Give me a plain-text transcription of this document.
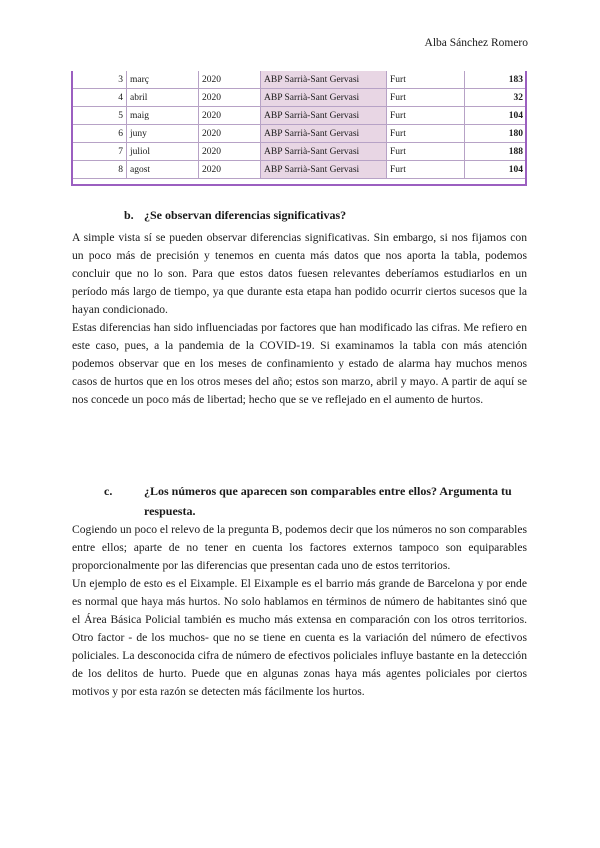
Alba Sánchez Romero
3	març	2020	ABP Sarrià-Sant Gervasi	Furt	183
4	abril	2020	ABP Sarrià-Sant Gervasi	Furt	32
5	maig	2020	ABP Sarrià-Sant Gervasi	Furt	104
6	juny	2020	ABP Sarrià-Sant Gervasi	Furt	180
7	juliol	2020	ABP Sarrià-Sant Gervasi	Furt	188
8	agost	2020	ABP Sarrià-Sant Gervasi	Furt	104
b. ¿Se observan diferencias significativas?

A simple vista sí se pueden observar diferencias significativas. Sin embargo, si nos fijamos con un poco más de precisión y tenemos en cuenta más datos que nos aporta la tabla, podemos concluir que no lo son. Para que estos datos fuesen relevantes deberíamos estudiarlos en un período más largo de tiempo, ya que durante esta etapa han podido ocurrir ciertos sucesos que la hayan condicionado.

Estas diferencias han sido influenciadas por factores que han modificado las cifras. Me refiero en este caso, pues, a la pandemia de la COVID-19. Si examinamos la tabla con más atención podemos observar que en los meses de confinamiento y estado de alarma hay muchos menos casos de hurtos que en los otros meses del año; estos son marzo, abril y mayo. A partir de aquí se nos concede un poco más de libertad; hecho que se ve reflejado en el aumento de hurtos.

c.	¿Los números que aparecen son comparables entre ellos? Argumenta tu respuesta.

Cogiendo un poco el relevo de la pregunta B, podemos decir que los números no son comparables entre ellos; aparte de no tener en cuenta los factores externos tampoco son equiparables proporcionalmente por las diferencias que presentan cada uno de estos territorios.

Un ejemplo de esto es el Eixample. El Eixample es el barrio más grande de Barcelona y por ende es normal que haya más hurtos. No solo hablamos en términos de número de habitantes sinó que el Área Básica Policial también es mucho más extensa en comparación con los otros territorios. Otro factor - de los muchos- que no se tiene en cuenta es la variación del número de efectivos policiales. La desconocida cifra de número de efectivos policiales influye bastante en la detección de los delitos de hurto. Puede que en algunas zonas haya más agentes policiales por ciertos motivos y por esta razón se detecten más fácilmente los hurtos.
